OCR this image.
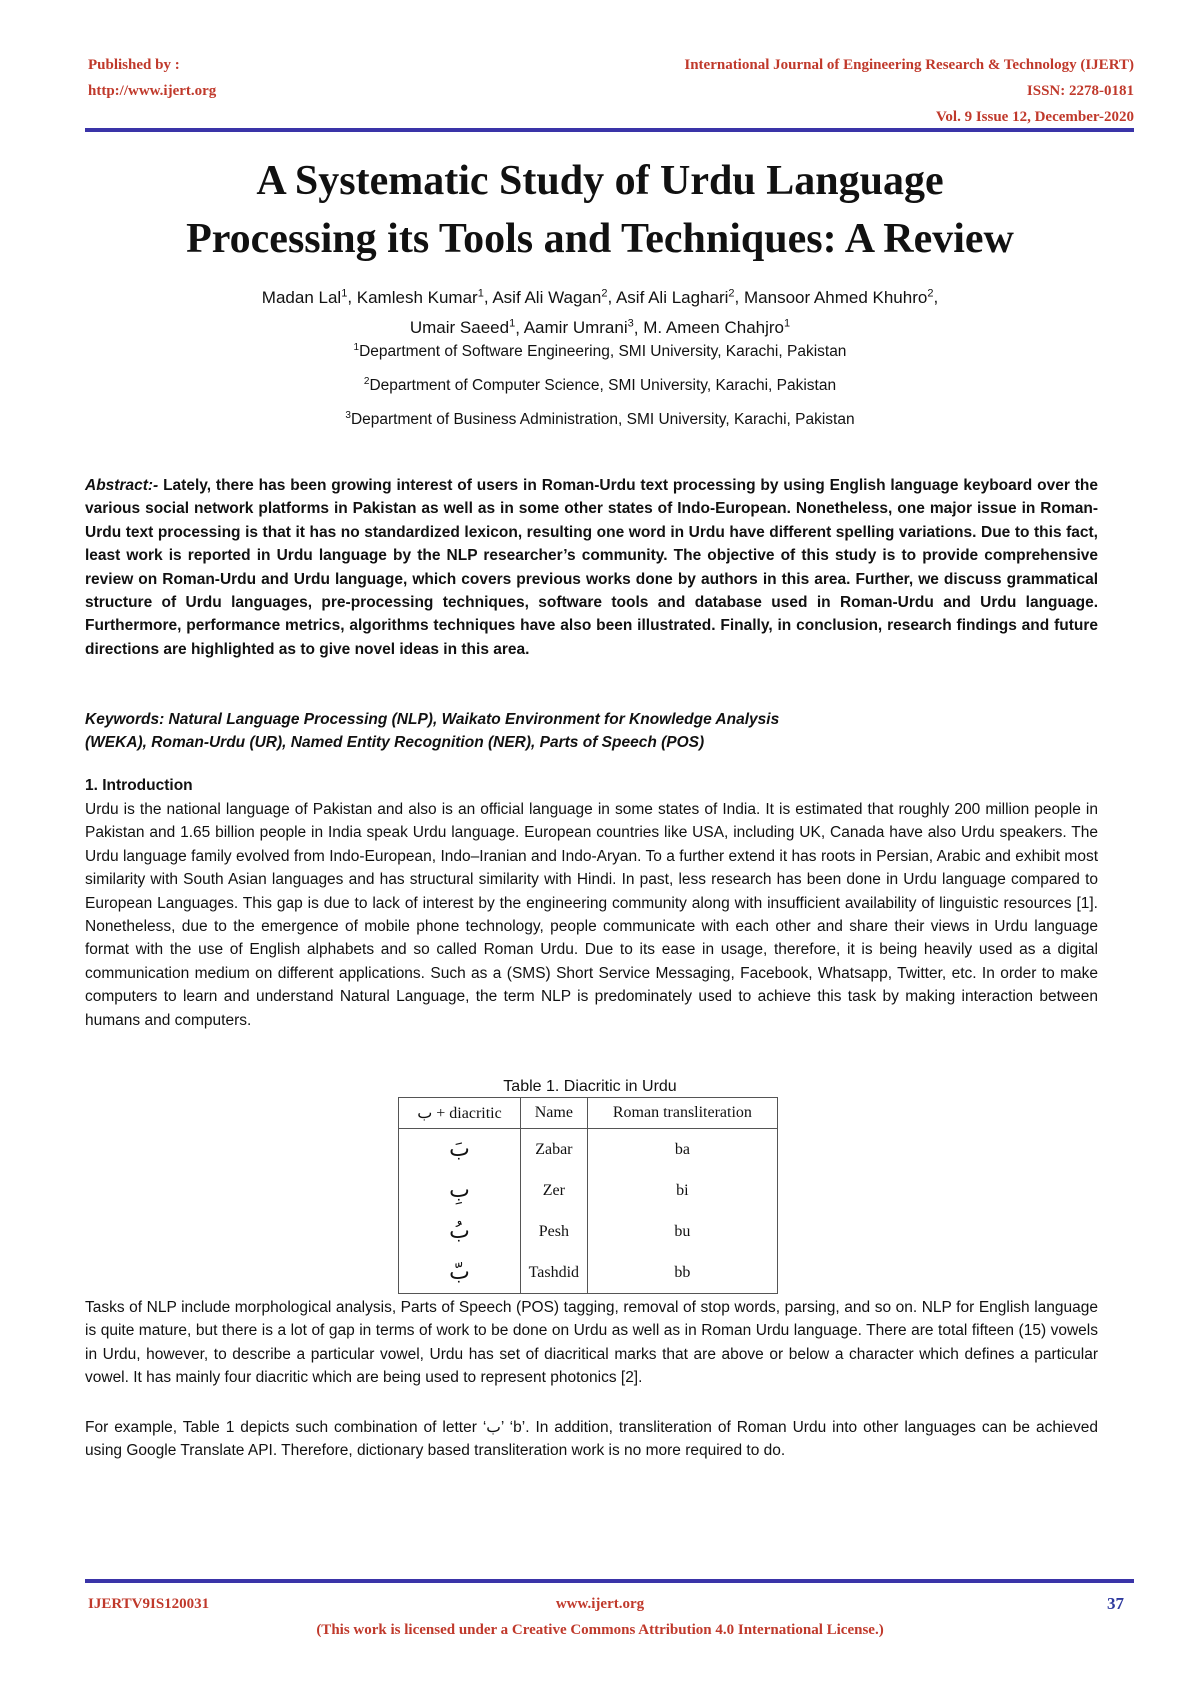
Published by :
http://www.ijert.org
International Journal of Engineering Research & Technology (IJERT)
ISSN: 2278-0181
Vol. 9 Issue 12, December-2020
A Systematic Study of Urdu Language
Processing its Tools and Techniques: A Review
Madan Lal$^1$, Kamlesh Kumar$^1$, Asif Ali Wagan$^2$, Asif Ali Laghari$^2$, Mansoor Ahmed Khuhro$^2$,
Umair Saeed$^1$, Aamir Umrani$^3$, M. Ameen Chahjro$^1$
$^1$Department of Software Engineering, SMI University, Karachi, Pakistan
$^2$Department of Computer Science, SMI University, Karachi, Pakistan
$^3$Department of Business Administration, SMI University, Karachi, Pakistan

Abstract:- Lately, there has been growing interest of users in Roman-Urdu text processing by using English language keyboard over the various social network platforms in Pakistan as well as in some other states of Indo-European. Nonetheless, one major issue in Roman-Urdu text processing is that it has no standardized lexicon, resulting one word in Urdu have different spelling variations. Due to this fact, least work is reported in Urdu language by the NLP researcher’s community. The objective of this study is to provide comprehensive review on Roman-Urdu and Urdu language, which covers previous works done by authors in this area. Further, we discuss grammatical structure of Urdu languages, pre-processing techniques, software tools and database used in Roman-Urdu and Urdu language. Furthermore, performance metrics, algorithms techniques have also been illustrated. Finally, in conclusion, research findings and future directions are highlighted as to give novel ideas in this area.

Keywords: Natural Language Processing (NLP), Waikato Environment for Knowledge Analysis
(WEKA), Roman-Urdu (UR), Named Entity Recognition (NER), Parts of Speech (POS)

1. Introduction

Urdu is the national language of Pakistan and also is an official language in some states of India. It is estimated that roughly 200 million people in Pakistan and 1.65 billion people in India speak Urdu language. European countries like USA, including UK, Canada have also Urdu speakers. The Urdu language family evolved from Indo-European, Indo–Iranian and Indo-Aryan. To a further extend it has roots in Persian, Arabic and exhibit most similarity with South Asian languages and has structural similarity with Hindi. In past, less research has been done in Urdu language compared to European Languages. This gap is due to lack of interest by the engineering community along with insufficient availability of linguistic resources [1]. Nonetheless, due to the emergence of mobile phone technology, people communicate with each other and share their views in Urdu language format with the use of English alphabets and so called Roman Urdu. Due to its ease in usage, therefore, it is being heavily used as a digital communication medium on different applications. Such as a (SMS) Short Service Messaging, Facebook, Whatsapp, Twitter, etc. In order to make computers to learn and understand Natural Language, the term NLP is predominately used to achieve this task by making interaction between humans and computers.

Table 1. Diacritic in Urdu
ب + diacritic	Name	Roman transliteration
بَ	Zabar	ba
بِ	Zer	bi
بُ	Pesh	bu
بّ	Tashdid	bb

Tasks of NLP include morphological analysis, Parts of Speech (POS) tagging, removal of stop words, parsing, and so on. NLP for English language is quite mature, but there is a lot of gap in terms of work to be done on Urdu as well as in Roman Urdu language. There are total fifteen (15) vowels in Urdu, however, to describe a particular vowel, Urdu has set of diacritical marks that are above or below a character which defines a particular vowel. It has mainly four diacritic which are being used to represent photonics [2].

For example, Table 1 depicts such combination of letter ‘ب’ ‘b’. In addition, transliteration of Roman Urdu into other languages can be achieved using Google Translate API. Therefore, dictionary based transliteration work is no more required to do.

IJERTV9IS120031	www.ijert.org	37
(This work is licensed under a Creative Commons Attribution 4.0 International License.)
